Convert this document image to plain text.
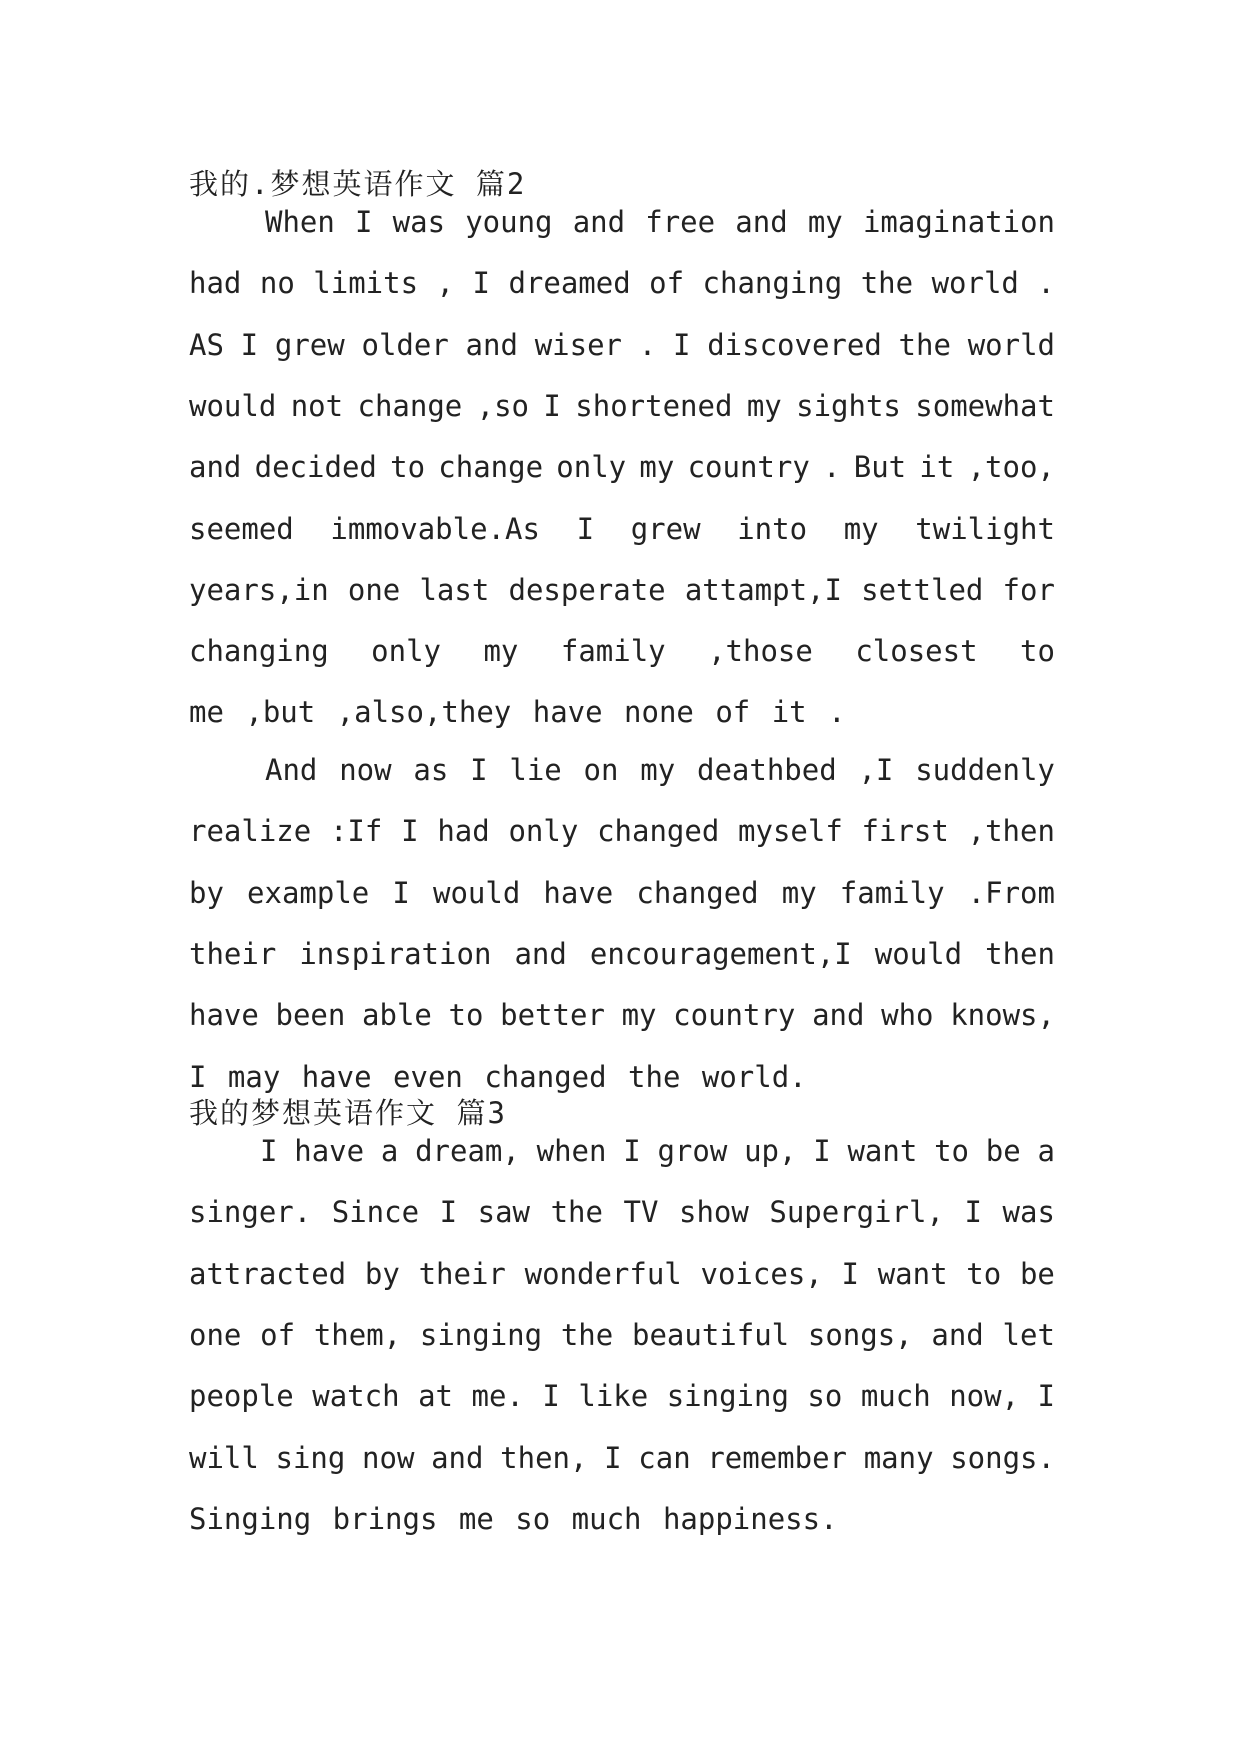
我的.梦想英语作文 篇2
When I was young and free and my imagination
had no limits , I dreamed of changing the world .
AS I grew older and wiser . I discovered the world
would not change ,so I shortened my sights somewhat
and decided to change only my country . But it ,too,
seemed immovable.As I grew into my twilight
years,in one last desperate attampt,I settled for
changing only my family ,those closest to
me ,but ,also,they have none of it .
And now as I lie on my deathbed ,I suddenly
realize :If I had only changed myself first ,then
by example I would have changed my family .From
their inspiration and encouragement,I would then
have been able to better my country and who knows,
I may have even changed the world.
我的梦想英语作文 篇3
I have a dream, when I grow up, I want to be a
singer. Since I saw the TV show Supergirl, I was
attracted by their wonderful voices, I want to be
one of them, singing the beautiful songs, and let
people watch at me. I like singing so much now, I
will sing now and then, I can remember many songs.
Singing brings me so much happiness.
